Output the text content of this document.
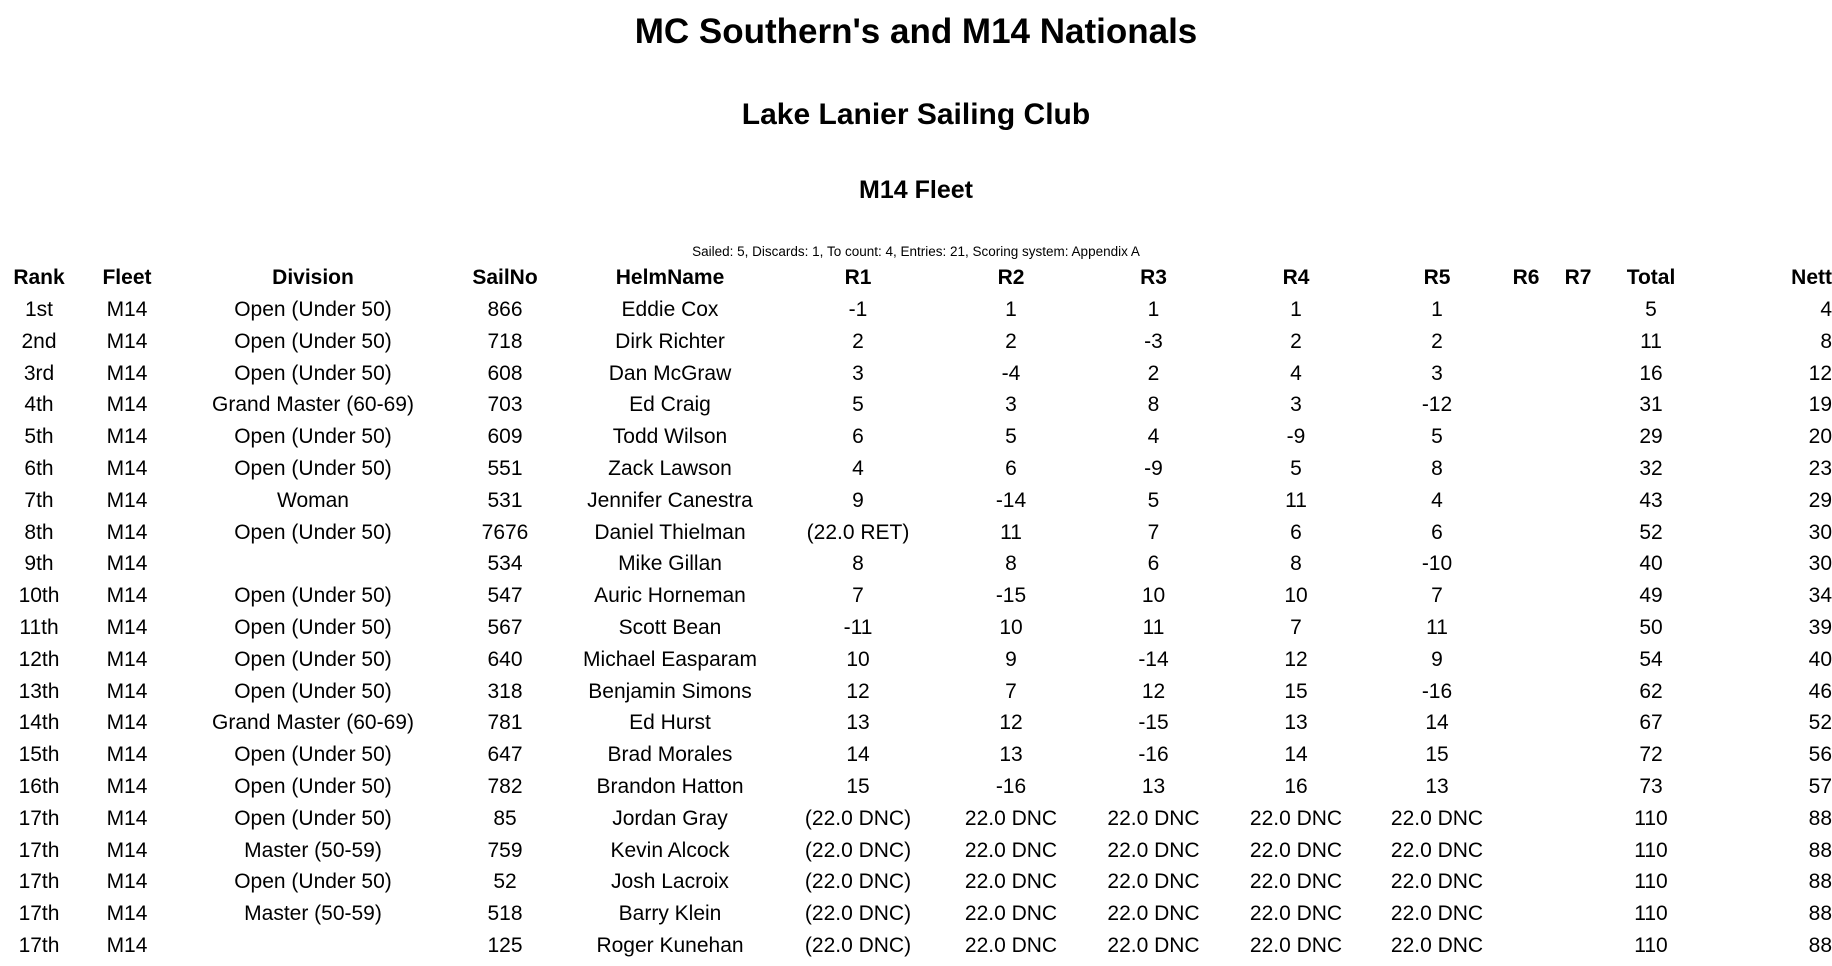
MC Southern's and M14 Nationals
Lake Lanier Sailing Club
M14 Fleet
Sailed: 5, Discards: 1, To count: 4, Entries: 21, Scoring system: Appendix A
Rank	Fleet	Division	SailNo	HelmName	R1	R2	R3	R4	R5	R6	R7	Total	Nett
1st	M14	Open (Under 50)	866	Eddie Cox	-1	1	1	1	1			5	4
2nd	M14	Open (Under 50)	718	Dirk Richter	2	2	-3	2	2			11	8
3rd	M14	Open (Under 50)	608	Dan McGraw	3	-4	2	4	3			16	12
4th	M14	Grand Master (60-69)	703	Ed Craig	5	3	8	3	-12			31	19
5th	M14	Open (Under 50)	609	Todd Wilson	6	5	4	-9	5			29	20
6th	M14	Open (Under 50)	551	Zack Lawson	4	6	-9	5	8			32	23
7th	M14	Woman	531	Jennifer Canestra	9	-14	5	11	4			43	29
8th	M14	Open (Under 50)	7676	Daniel Thielman	(22.0 RET)	11	7	6	6			52	30
9th	M14		534	Mike Gillan	8	8	6	8	-10			40	30
10th	M14	Open (Under 50)	547	Auric Horneman	7	-15	10	10	7			49	34
11th	M14	Open (Under 50)	567	Scott Bean	-11	10	11	7	11			50	39
12th	M14	Open (Under 50)	640	Michael Easparam	10	9	-14	12	9			54	40
13th	M14	Open (Under 50)	318	Benjamin Simons	12	7	12	15	-16			62	46
14th	M14	Grand Master (60-69)	781	Ed Hurst	13	12	-15	13	14			67	52
15th	M14	Open (Under 50)	647	Brad Morales	14	13	-16	14	15			72	56
16th	M14	Open (Under 50)	782	Brandon Hatton	15	-16	13	16	13			73	57
17th	M14	Open (Under 50)	85	Jordan Gray	(22.0 DNC)	22.0 DNC	22.0 DNC	22.0 DNC	22.0 DNC			110	88
17th	M14	Master (50-59)	759	Kevin Alcock	(22.0 DNC)	22.0 DNC	22.0 DNC	22.0 DNC	22.0 DNC			110	88
17th	M14	Open (Under 50)	52	Josh Lacroix	(22.0 DNC)	22.0 DNC	22.0 DNC	22.0 DNC	22.0 DNC			110	88
17th	M14	Master (50-59)	518	Barry Klein	(22.0 DNC)	22.0 DNC	22.0 DNC	22.0 DNC	22.0 DNC			110	88
17th	M14		125	Roger Kunehan	(22.0 DNC)	22.0 DNC	22.0 DNC	22.0 DNC	22.0 DNC			110	88
